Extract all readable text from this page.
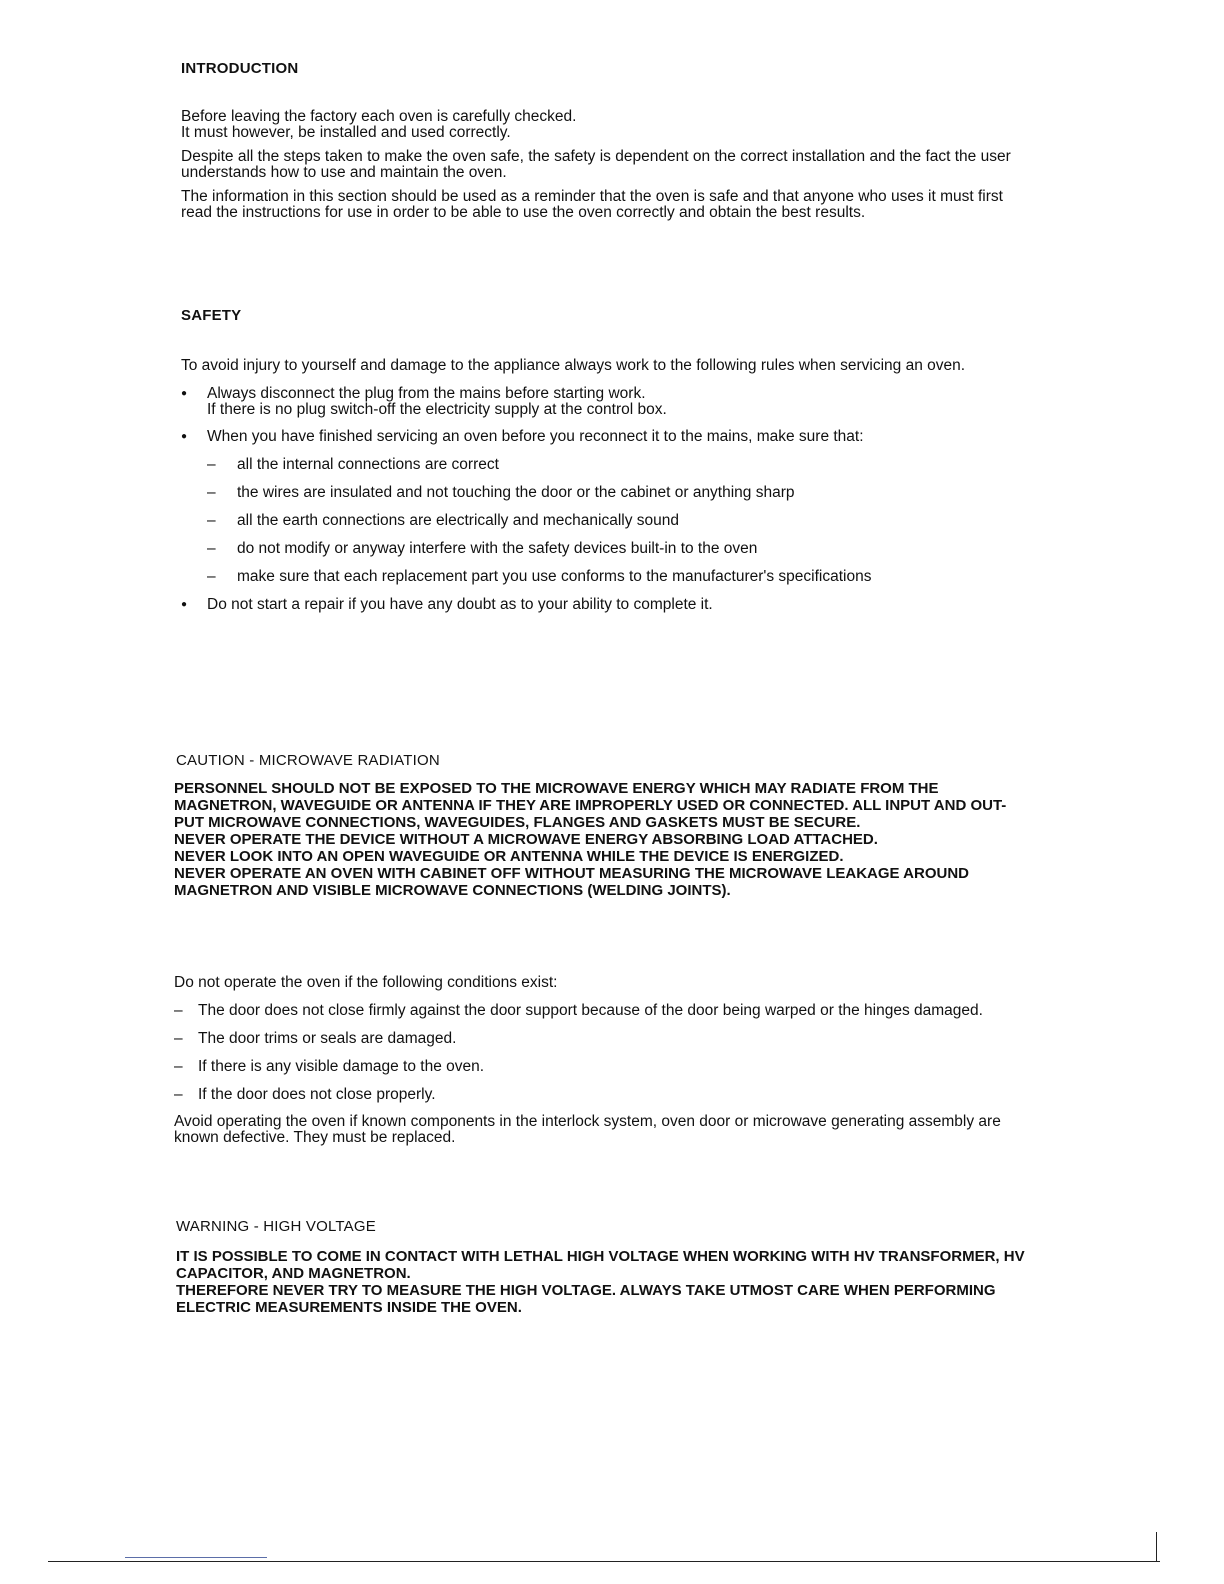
INTRODUCTION
Before leaving the factory each oven is carefully checked.
It must however, be installed and used correctly.
Despite all the steps taken to make the oven safe, the safety is dependent on the correct installation and the fact the user
understands how to use and maintain the oven.
The information in this section should be used as a reminder that the oven is safe and that anyone who uses it must first
read the instructions for use in order to be able to use the oven correctly and obtain the best results.
SAFETY
To avoid injury to yourself and damage to the appliance always work to the following rules when servicing an oven.
● Always disconnect the plug from the mains before starting work.
If there is no plug switch-off the electricity supply at the control box.
● When you have finished servicing an oven before you reconnect it to the mains, make sure that:
– all the internal connections are correct
– the wires are insulated and not touching the door or the cabinet or anything sharp
– all the earth connections are electrically and mechanically sound
– do not modify or anyway interfere with the safety devices built-in to the oven
– make sure that each replacement part you use conforms to the manufacturer's specifications
● Do not start a repair if you have any doubt as to your ability to complete it.
CAUTION - MICROWAVE RADIATION
PERSONNEL SHOULD NOT BE EXPOSED TO THE MICROWAVE ENERGY WHICH MAY RADIATE FROM THE
MAGNETRON, WAVEGUIDE OR ANTENNA IF THEY ARE IMPROPERLY USED OR CONNECTED. ALL INPUT AND OUT-
PUT MICROWAVE CONNECTIONS, WAVEGUIDES, FLANGES AND GASKETS MUST BE SECURE.
NEVER OPERATE THE DEVICE WITHOUT A MICROWAVE ENERGY ABSORBING LOAD ATTACHED.
NEVER LOOK INTO AN OPEN WAVEGUIDE OR ANTENNA WHILE THE DEVICE IS ENERGIZED.
NEVER OPERATE AN OVEN WITH CABINET OFF WITHOUT MEASURING THE MICROWAVE LEAKAGE AROUND
MAGNETRON AND VISIBLE MICROWAVE CONNECTIONS (WELDING JOINTS).
Do not operate the oven if the following conditions exist:
– The door does not close firmly against the door support because of the door being warped or the hinges damaged.
– The door trims or seals are damaged.
– If there is any visible damage to the oven.
– If the door does not close properly.
Avoid operating the oven if known components in the interlock system, oven door or microwave generating assembly are
known defective. They must be replaced.
WARNING - HIGH VOLTAGE
IT IS POSSIBLE TO COME IN CONTACT WITH LETHAL HIGH VOLTAGE WHEN WORKING WITH HV TRANSFORMER, HV
CAPACITOR, AND MAGNETRON.
THEREFORE NEVER TRY TO MEASURE THE HIGH VOLTAGE. ALWAYS TAKE UTMOST CARE WHEN PERFORMING
ELECTRIC MEASUREMENTS INSIDE THE OVEN.
